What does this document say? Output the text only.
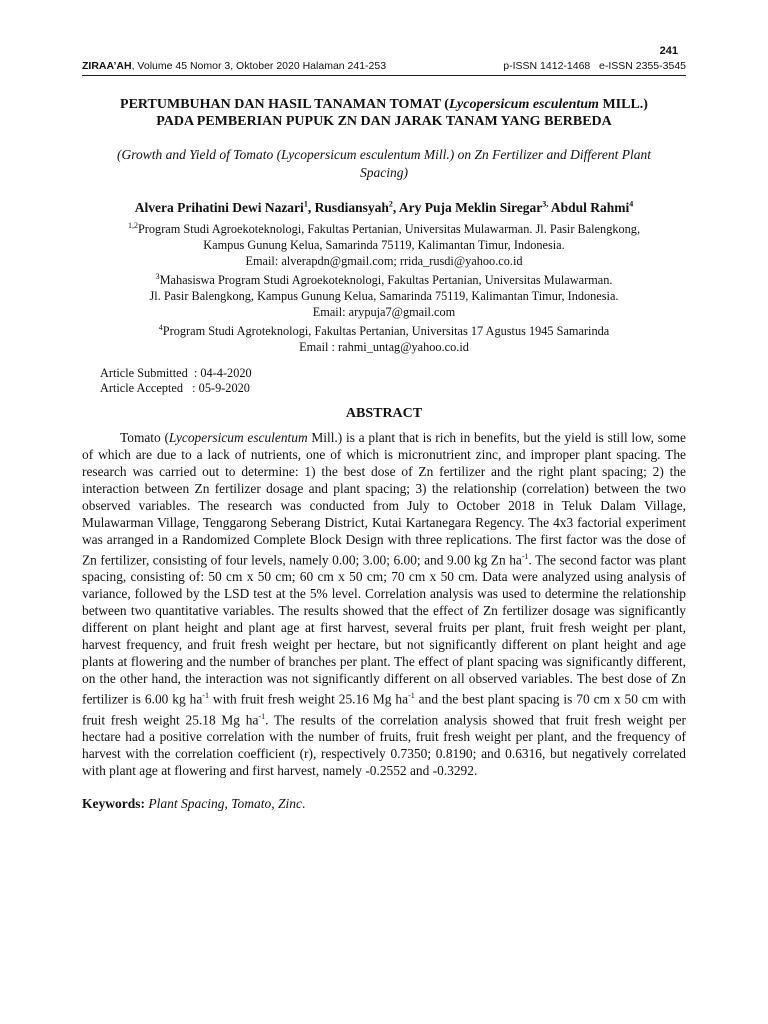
241
ZIRAA’AH, Volume 45 Nomor 3, Oktober 2020 Halaman 241-253	p-ISSN 1412-1468   e-ISSN 2355-3545

PERTUMBUHAN DAN HASIL TANAMAN TOMAT (Lycopersicum esculentum MILL.)
PADA PEMBERIAN PUPUK ZN DAN JARAK TANAM YANG BERBEDA

(Growth and Yield of Tomato (Lycopersicum esculentum Mill.) on Zn Fertilizer and Different Plant Spacing)
Alvera Prihatini Dewi Nazari$^1$, Rusdiansyah$^2$, Ary Puja Meklin Siregar$^{3,}$ Abdul Rahmi$^4$
$^{1,2}$Program Studi Agroekoteknologi, Fakultas Pertanian, Universitas Mulawarman. Jl. Pasir Balengkong,
Kampus Gunung Kelua, Samarinda 75119, Kalimantan Timur, Indonesia.
Email: alverapdn@gmail.com; rrida_rusdi@yahoo.co.id
$^3$Mahasiswa Program Studi Agroekoteknologi, Fakultas Pertanian, Universitas Mulawarman.
Jl. Pasir Balengkong, Kampus Gunung Kelua, Samarinda 75119, Kalimantan Timur, Indonesia.
Email: arypuja7@gmail.com
$^4$Program Studi Agroteknologi, Fakultas Pertanian, Universitas 17 Agustus 1945 Samarinda
Email : rahmi_untag@yahoo.co.id
Article Submitted  : 04-4-2020
Article Accepted   : 05-9-2020
ABSTRACT

Tomato (Lycopersicum esculentum Mill.) is a plant that is rich in benefits, but the yield is still low, some of which are due to a lack of nutrients, one of which is micronutrient zinc, and improper plant spacing. The research was carried out to determine: 1) the best dose of Zn fertilizer and the right plant spacing; 2) the interaction between Zn fertilizer dosage and plant spacing; 3) the relationship (correlation) between the two observed variables. The research was conducted from July to October 2018 in Teluk Dalam Village, Mulawarman Village, Tenggarong Seberang District, Kutai Kartanegara Regency. The 4x3 factorial experiment was arranged in a Randomized Complete Block Design with three replications. The first factor was the dose of Zn fertilizer, consisting of four levels, namely 0.00; 3.00; 6.00; and 9.00 kg Zn $ha^{-1}$. The second factor was plant spacing, consisting of: 50 cm x 50 cm; 60 cm x 50 cm; 70 cm x 50 cm. Data were analyzed using analysis of variance, followed by the LSD test at the 5% level. Correlation analysis was used to determine the relationship between two quantitative variables. The results showed that the effect of Zn fertilizer dosage was significantly different on plant height and plant age at first harvest, several fruits per plant, fruit fresh weight per plant, harvest frequency, and fruit fresh weight per hectare, but not significantly different on plant height and age plants at flowering and the number of branches per plant. The effect of plant spacing was significantly different, on the other hand, the interaction was not significantly different on all observed variables. The best dose of Zn fertilizer is 6.00 kg $ha^{-1}$ with fruit fresh weight 25.16 Mg $ha^{-1}$ and the best plant spacing is 70 cm x 50 cm with fruit fresh weight 25.18 Mg $ha^{-1}$. The results of the correlation analysis showed that fruit fresh weight per hectare had a positive correlation with the number of fruits, fruit fresh weight per plant, and the frequency of harvest with the correlation coefficient (r), respectively 0.7350; 0.8190; and 0.6316, but negatively correlated with plant age at flowering and first harvest, namely -0.2552 and -0.3292.

Keywords: Plant Spacing, Tomato, Zinc.
